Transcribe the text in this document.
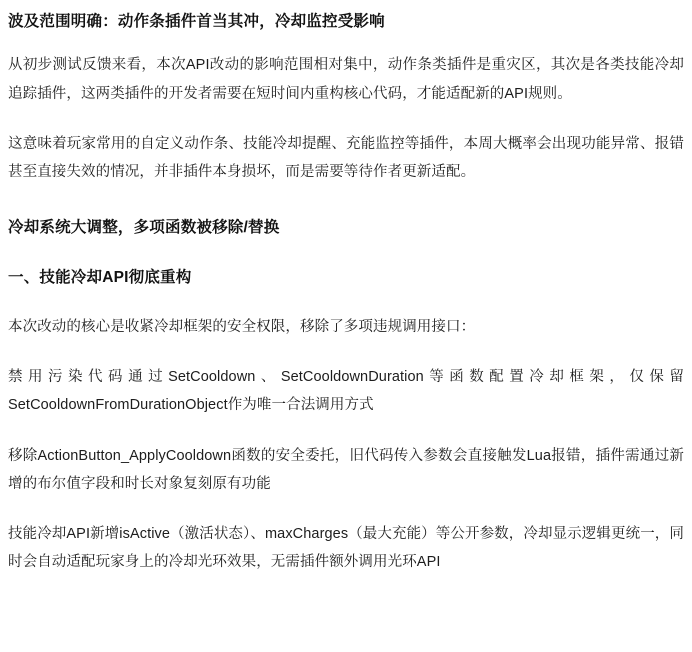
波及范围明确：动作条插件首当其冲，冷却监控受影响

从初步测试反馈来看，本次API改动的影响范围相对集中，动作条类插件是重灾区，其次是各类技能冷却追踪插件，这两类插件的开发者需要在短时间内重构核心代码，才能适配新的API规则。

这意味着玩家常用的自定义动作条、技能冷却提醒、充能监控等插件，本周大概率会出现功能异常、报错甚至直接失效的情况，并非插件本身损坏，而是需要等待作者更新适配。

冷却系统大调整，多项函数被移除/替换
一、技能冷却API彻底重构

本次改动的核心是收紧冷却框架的安全权限，移除了多项违规调用接口：

禁用污染代码通过SetCooldown、SetCooldownDuration等函数配置冷却框架，仅保留SetCooldownFromDurationObject作为唯一合法调用方式

移除ActionButton_ApplyCooldown函数的安全委托，旧代码传入参数会直接触发Lua报错，插件需通过新增的布尔值字段和时长对象复刻原有功能

技能冷却API新增isActive（激活状态）、maxCharges（最大充能）等公开参数，冷却显示逻辑更统一，同时会自动适配玩家身上的冷却光环效果，无需插件额外调用光环API
